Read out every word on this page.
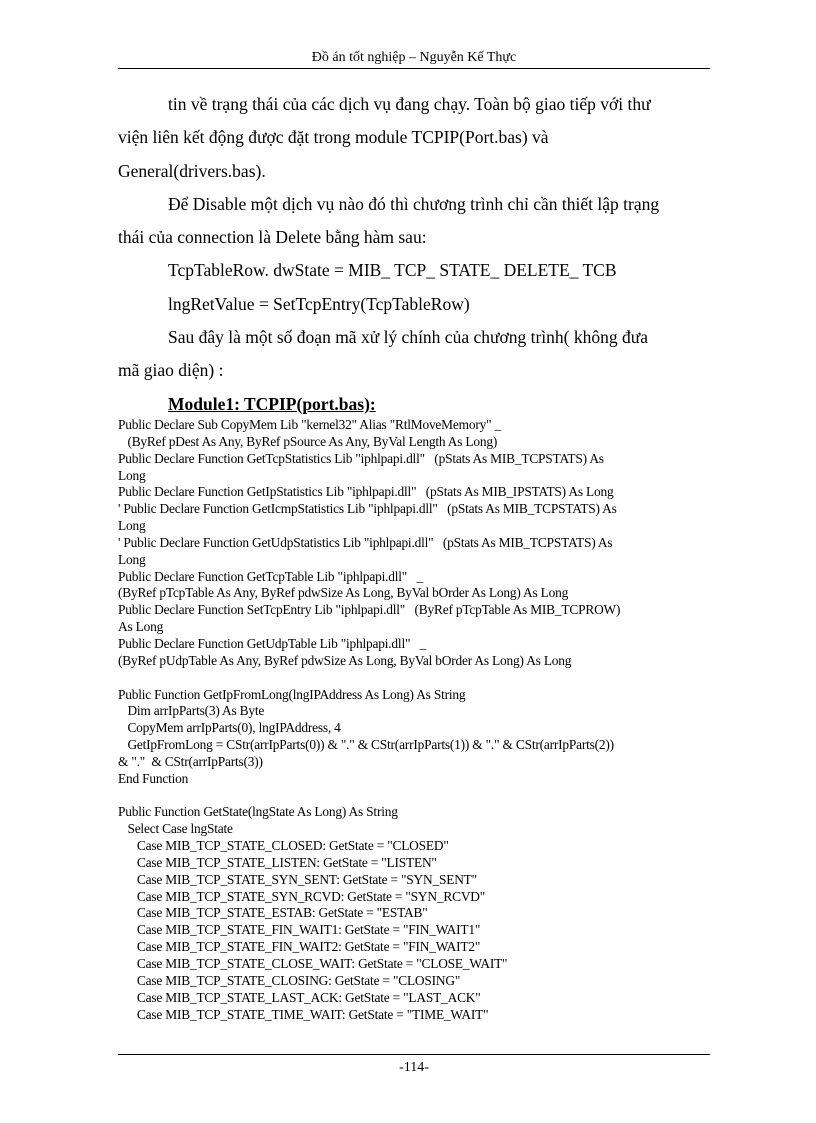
Đồ án tốt nghiệp – Nguyễn Kế Thực

tin về trạng thái của các dịch vụ đang chạy. Toàn bộ giao tiếp với thư

viện liên kết động được đặt trong module TCPIP(Port.bas) và

General(drivers.bas).

Để Disable một dịch vụ nào đó thì chương trình chỉ cần thiết lập trạng

thái của connection là Delete bằng hàm sau:

TcpTableRow. dwState = MIB_ TCP_ STATE_ DELETE_ TCB

lngRetValue = SetTcpEntry(TcpTableRow)

Sau đây là một số đoạn mã xử lý chính của chương trình( không đưa

mã giao diện) :

Module1: TCPIP(port.bas):

Public Declare Sub CopyMem Lib "kernel32" Alias "RtlMoveMemory" _
(ByRef pDest As Any, ByRef pSource As Any, ByVal Length As Long)
Public Declare Function GetTcpStatistics Lib "iphlpapi.dll"   (pStats As MIB_TCPSTATS) As
Long
Public Declare Function GetIpStatistics Lib "iphlpapi.dll"   (pStats As MIB_IPSTATS) As Long
' Public Declare Function GetIcmpStatistics Lib "iphlpapi.dll"   (pStats As MIB_TCPSTATS) As
Long
' Public Declare Function GetUdpStatistics Lib "iphlpapi.dll"   (pStats As MIB_TCPSTATS) As
Long
Public Declare Function GetTcpTable Lib "iphlpapi.dll"   _
(ByRef pTcpTable As Any, ByRef pdwSize As Long, ByVal bOrder As Long) As Long
Public Declare Function SetTcpEntry Lib "iphlpapi.dll"   (ByRef pTcpTable As MIB_TCPROW)
As Long
Public Declare Function GetUdpTable Lib "iphlpapi.dll"   _
(ByRef pUdpTable As Any, ByRef pdwSize As Long, ByVal bOrder As Long) As Long
Public Function GetIpFromLong(lngIPAddress As Long) As String
Dim arrIpParts(3) As Byte
CopyMem arrIpParts(0), lngIPAddress, 4
GetIpFromLong = CStr(arrIpParts(0)) & "." & CStr(arrIpParts(1)) & "." & CStr(arrIpParts(2))
& "."  & CStr(arrIpParts(3))
End Function
Public Function GetState(lngState As Long) As String
Select Case lngState
Case MIB_TCP_STATE_CLOSED: GetState = "CLOSED"
Case MIB_TCP_STATE_LISTEN: GetState = "LISTEN"
Case MIB_TCP_STATE_SYN_SENT: GetState = "SYN_SENT"
Case MIB_TCP_STATE_SYN_RCVD: GetState = "SYN_RCVD"
Case MIB_TCP_STATE_ESTAB: GetState = "ESTAB"
Case MIB_TCP_STATE_FIN_WAIT1: GetState = "FIN_WAIT1"
Case MIB_TCP_STATE_FIN_WAIT2: GetState = "FIN_WAIT2"
Case MIB_TCP_STATE_CLOSE_WAIT: GetState = "CLOSE_WAIT"
Case MIB_TCP_STATE_CLOSING: GetState = "CLOSING"
Case MIB_TCP_STATE_LAST_ACK: GetState = "LAST_ACK"
Case MIB_TCP_STATE_TIME_WAIT: GetState = "TIME_WAIT"
-114-
